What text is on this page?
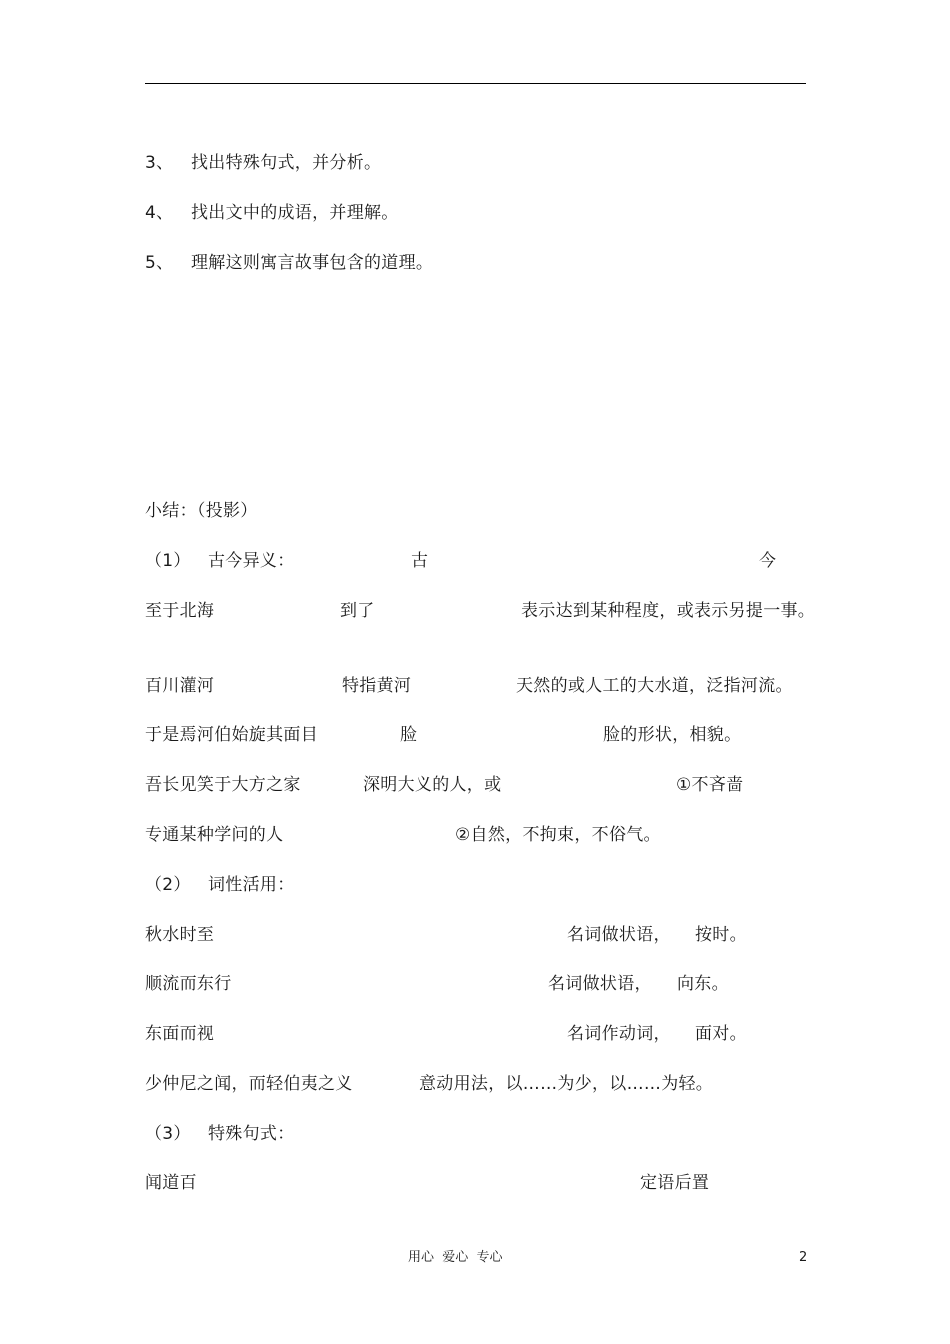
3、 找出特殊句式，并分析。
4、 找出文中的成语，并理解。
5、 理解这则寓言故事包含的道理。
小结：（投影）
（1） 古今异义：	古	今
至于北海	到了	表示达到某种程度，或表示另提一事。
百川灌河	特指黄河	天然的或人工的大水道，泛指河流。
于是焉河伯始旋其面目	脸	脸的形状，相貌。
吾长见笑于大方之家	深明大义的人，或	①不吝啬
专通某种学问的人	②自然，不拘束，不俗气。
（2） 词性活用：
秋水时至	名词做状语， 按时。
顺流而东行	名词做状语， 向东。
东面而视	名词作动词， 面对。
少仲尼之闻，而轻伯夷之义	意动用法，以……为少，以……为轻。
（3） 特殊句式：
闻道百	定语后置
用心  爱心  专心	2
